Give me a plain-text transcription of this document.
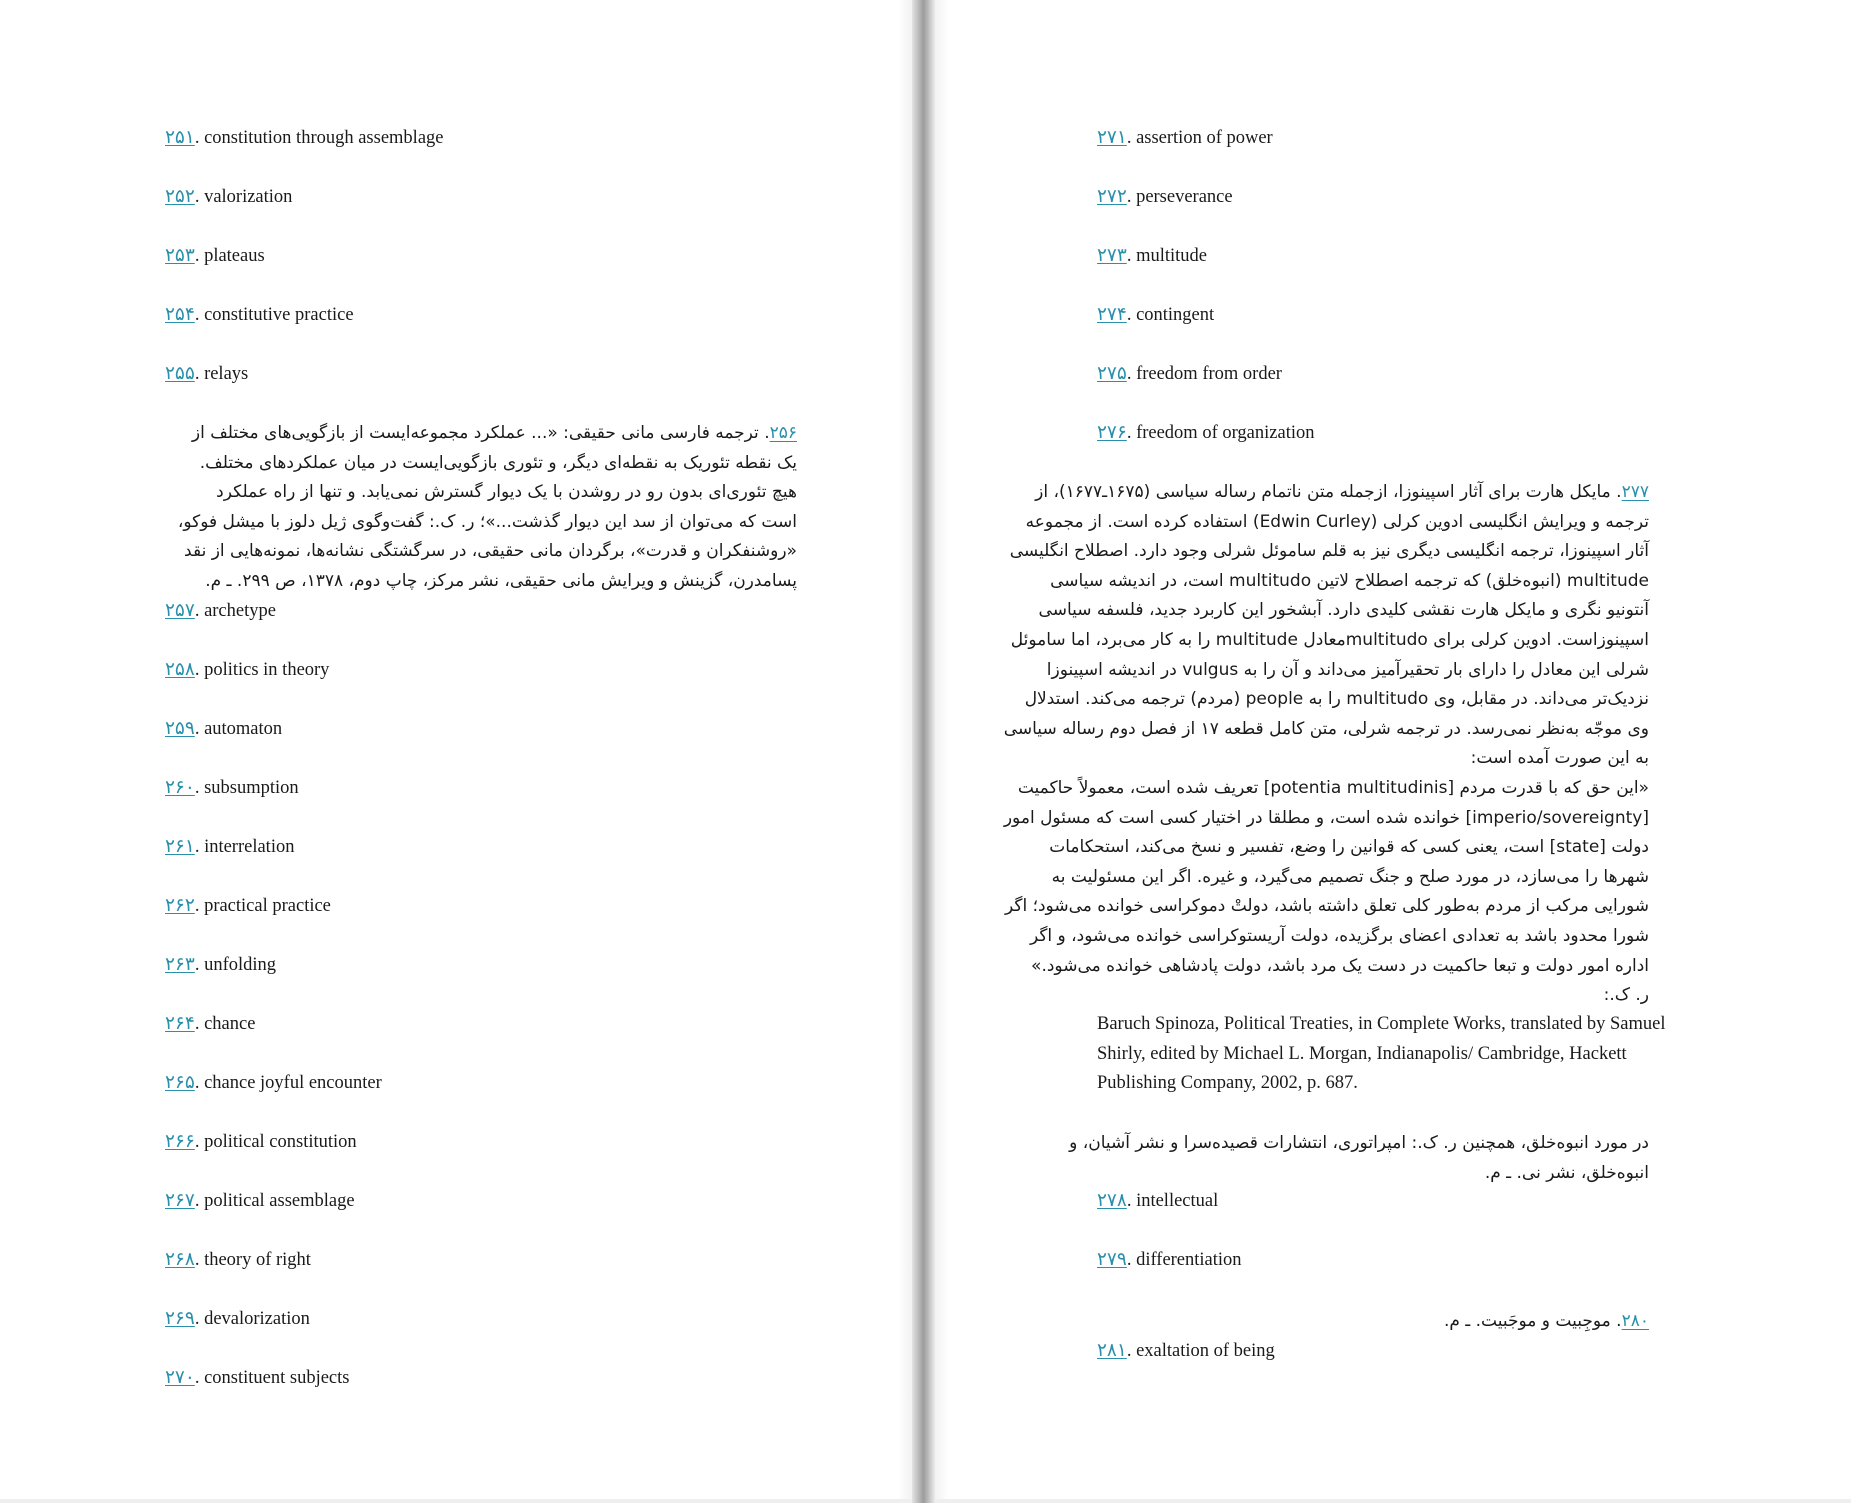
۲۵۱. constitution through assemblage
۲۵۲. valorization
۲۵۳. plateaus
۲۵۴. constitutive practice
۲۵۵. relays
۲۵۶. ترجمه فارسی مانی حقیقی: «... عملکرد مجموعه‌ایست از بازگویی‌های مختلف از
یک نقطه تئوریک به نقطه‌ای دیگر، و تئوری بازگویی‌ایست در میان عملکردهای مختلف.
هیچ تئوری‌ای بدون رو در روشدن با یک دیوار گسترش نمی‌یابد. و تنها از راه عملکرد
است که می‌توان از سد این دیوار گذشت...»؛ ر. ک.: گفت‌وگوی ژیل دلوز با میشل فوکو،
«روشنفکران و قدرت»، برگردان مانی حقیقی، در سرگشتگی نشانه‌ها، نمونه‌هایی از نقد
پسامدرن، گزینش و ویرایش مانی حقیقی، نشر مرکز، چاپ دوم، ۱۳۷۸، ص ۲۹۹. ـ م.
۲۵۷. archetype
۲۵۸. politics in theory
۲۵۹. automaton
۲۶۰. subsumption
۲۶۱. interrelation
۲۶۲. practical practice
۲۶۳. unfolding
۲۶۴. chance
۲۶۵. chance joyful encounter
۲۶۶. political constitution
۲۶۷. political assemblage
۲۶۸. theory of right
۲۶۹. devalorization
۲۷۰. constituent subjects
۲۷۱. assertion of power
۲۷۲. perseverance
۲۷۳. multitude
۲۷۴. contingent
۲۷۵. freedom from order
۲۷۶. freedom of organization
۲۷۷. مایکل هارت برای آثار اسپینوزا، ازجمله متن ناتمام رساله سیاسی (۱۶۷۵ـ۱۶۷۷)، از
ترجمه و ویرایش انگلیسی ادوین کرلی (Edwin Curley) استفاده کرده است. از مجموعه
آثار اسپینوزا، ترجمه انگلیسی دیگری نیز به قلم ساموئل شرلی وجود دارد. اصطلاح انگلیسی
multitude (انبوه‌خلق) که ترجمه اصطلاح لاتین multitudo است، در اندیشه سیاسی
آنتونیو نگری و مایکل هارت نقشی کلیدی دارد. آبشخور این کاربرد جدید، فلسفه سیاسی
اسپینوزاست. ادوین کرلی برای multitudoمعادل multitude را به کار می‌برد، اما ساموئل
شرلی این معادل را دارای بار تحقیرآمیز می‌داند و آن را به vulgus در اندیشه اسپینوزا
نزدیک‌تر می‌داند. در مقابل، وی multitudo را به people (مردم) ترجمه می‌کند. استدلال
وی موجّه به‌نظر نمی‌رسد. در ترجمه شرلی، متن کامل قطعه ۱۷ از فصل دوم رساله سیاسی
به این صورت آمده است:
«این حق که با قدرت مردم [potentia multitudinis] تعریف شده است، معمولاً حاکمیت
[imperio/sovereignty] خوانده شده است، و مطلقا در اختیار کسی است که مسئول امور
دولت [state] است، یعنی کسی که قوانین را وضع، تفسیر و نسخ می‌کند، استحکامات
شهرها را می‌سازد، در مورد صلح و جنگ تصمیم می‌گیرد، و غیره. اگر این مسئولیت به
شورایی مرکب از مردم به‌طور کلی تعلق داشته باشد، دولتْ دموکراسی خوانده می‌شود؛ اگر
شورا محدود باشد به تعدادی اعضای برگزیده، دولت آریستوکراسی خوانده می‌شود، و اگر
اداره امور دولت و تبعا حاکمیت در دست یک مرد باشد، دولت پادشاهی خوانده می‌شود.»
ر. ک.:
Baruch Spinoza, Political Treaties, in Complete Works, translated by Samuel
Shirly, edited by Michael L. Morgan, Indianapolis/ Cambridge, Hackett
Publishing Company, 2002, p. 687.
در مورد انبوه‌خلق، همچنین ر. ک.: امپراتوری، انتشارات قصیده‌سرا و نشر آشیان، و
انبوه‌خلق، نشر نی. ـ م.
۲۷۸. intellectual
۲۷۹. differentiation
۲۸۰. موجِبیت و موجَبیت. ـ م.
۲۸۱. exaltation of being
